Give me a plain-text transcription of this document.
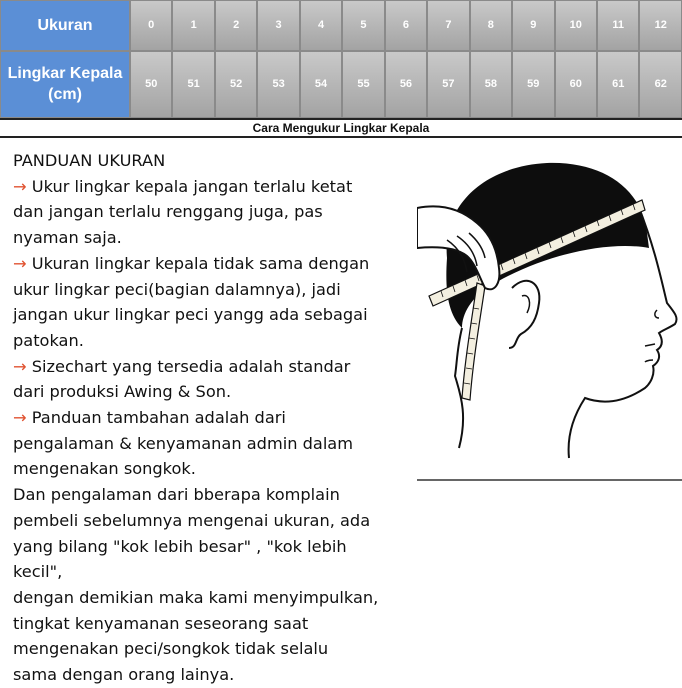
Ukuran	0	1	2	3	4	5	6	7	8	9	10	11	12
Lingkar Kepala
(cm)	50	51	52	53	54	55	56	57	58	59	60	61	62
Cara Mengukur Lingkar Kepala
PANDUAN UKURAN
→ Ukur lingkar kepala jangan terlalu ketat
dan jangan terlalu renggang juga, pas
nyaman saja.
→ Ukuran lingkar kepala tidak sama dengan
ukur lingkar peci(bagian dalamnya), jadi
jangan ukur lingkar peci yangg ada sebagai
patokan.
→ Sizechart yang tersedia adalah standar
dari produksi Awing & Son.
→ Panduan tambahan adalah dari
pengalaman & kenyamanan admin dalam
mengenakan songkok.
Dan pengalaman dari bberapa komplain
pembeli sebelumnya mengenai ukuran, ada
yang bilang "kok lebih besar" , "kok lebih
kecil",
dengan demikian maka kami menyimpulkan,
tingkat kenyamanan seseorang saat
mengenakan peci/songkok tidak selalu
sama dengan orang lainya.
